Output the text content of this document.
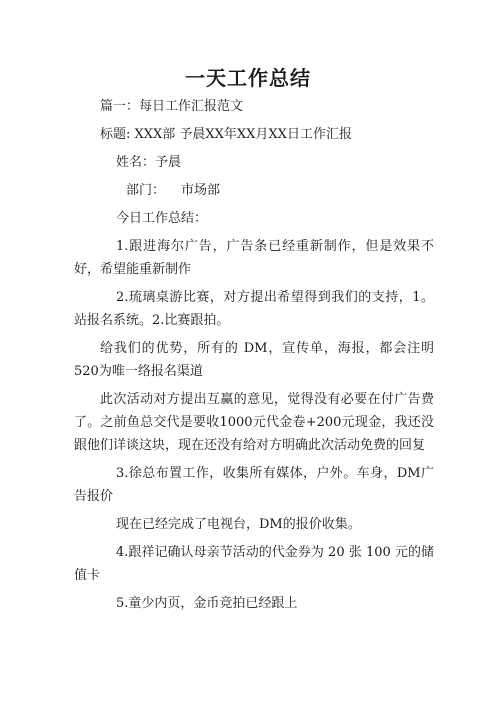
一天工作总结

篇一：每日工作汇报范文

标题: XXX部 予晨XX年XX月XX日工作汇报

姓名：予晨

部门： 市场部

今日工作总结：

1.跟进海尔广告，广告条已经重新制作，但是效果不好，希望能重新制作

2.琉璃桌游比赛，对方提出希望得到我们的支持，1。站报名系统。2.比赛跟拍。

给我们的优势，所有的 DM，宣传单，海报，都会注明520为唯一络报名渠道

此次活动对方提出互赢的意见，觉得没有必要在付广告费了。之前鱼总交代是要收1000元代金卷+200元现金，我还没跟他们详谈这块，现在还没有给对方明确此次活动免费的回复

3.徐总布置工作，收集所有媒体，户外。车身，DM广告报价

现在已经完成了电视台，DM的报价收集。

4.跟祥记确认母亲节活动的代金券为 20 张 100 元的储值卡

5.童少内页，金币竞拍已经跟上
